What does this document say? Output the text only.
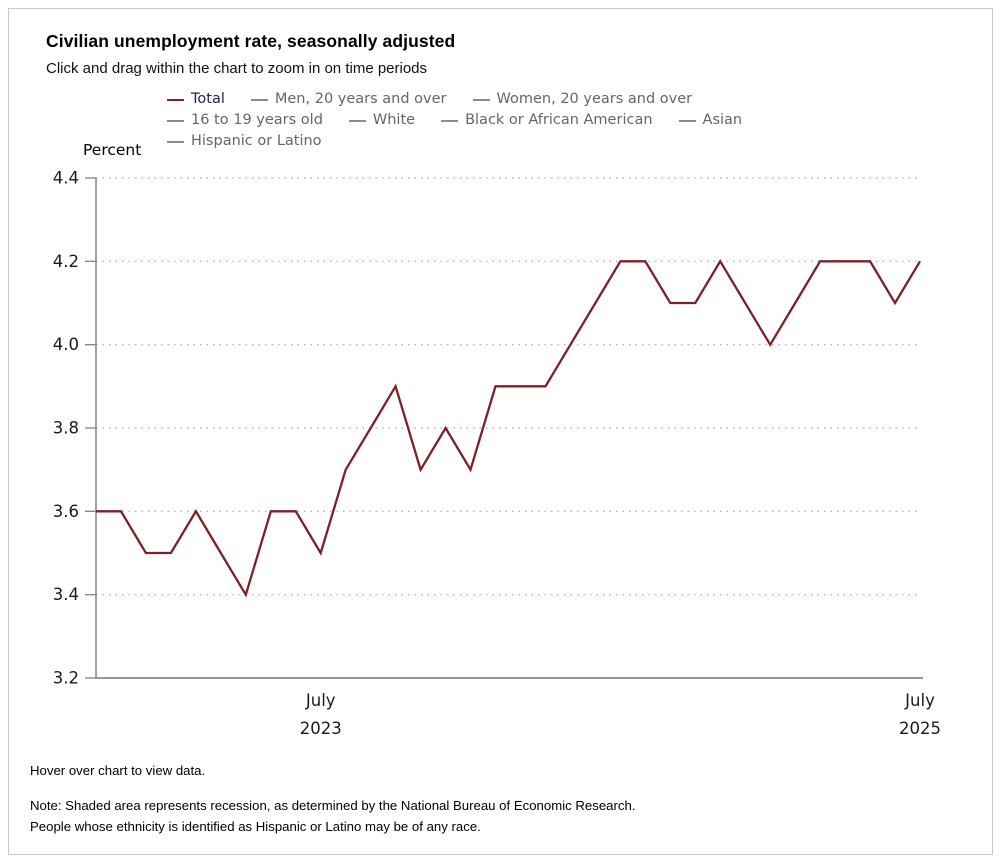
3.2
3.4
3.6
3.8
4.0
4.2
4.4
July
2023
July
2025
Civilian unemployment rate, seasonally adjusted
Click and drag within the chart to zoom in on time periods
Total	Men, 20 years and over	Women, 20 years and over
16 to 19 years old	White	Black or African American	Asian
Hispanic or Latino
Percent
Hover over chart to view data.
Note: Shaded area represents recession, as determined by the National Bureau of Economic Research.
People whose ethnicity is identified as Hispanic or Latino may be of any race.
